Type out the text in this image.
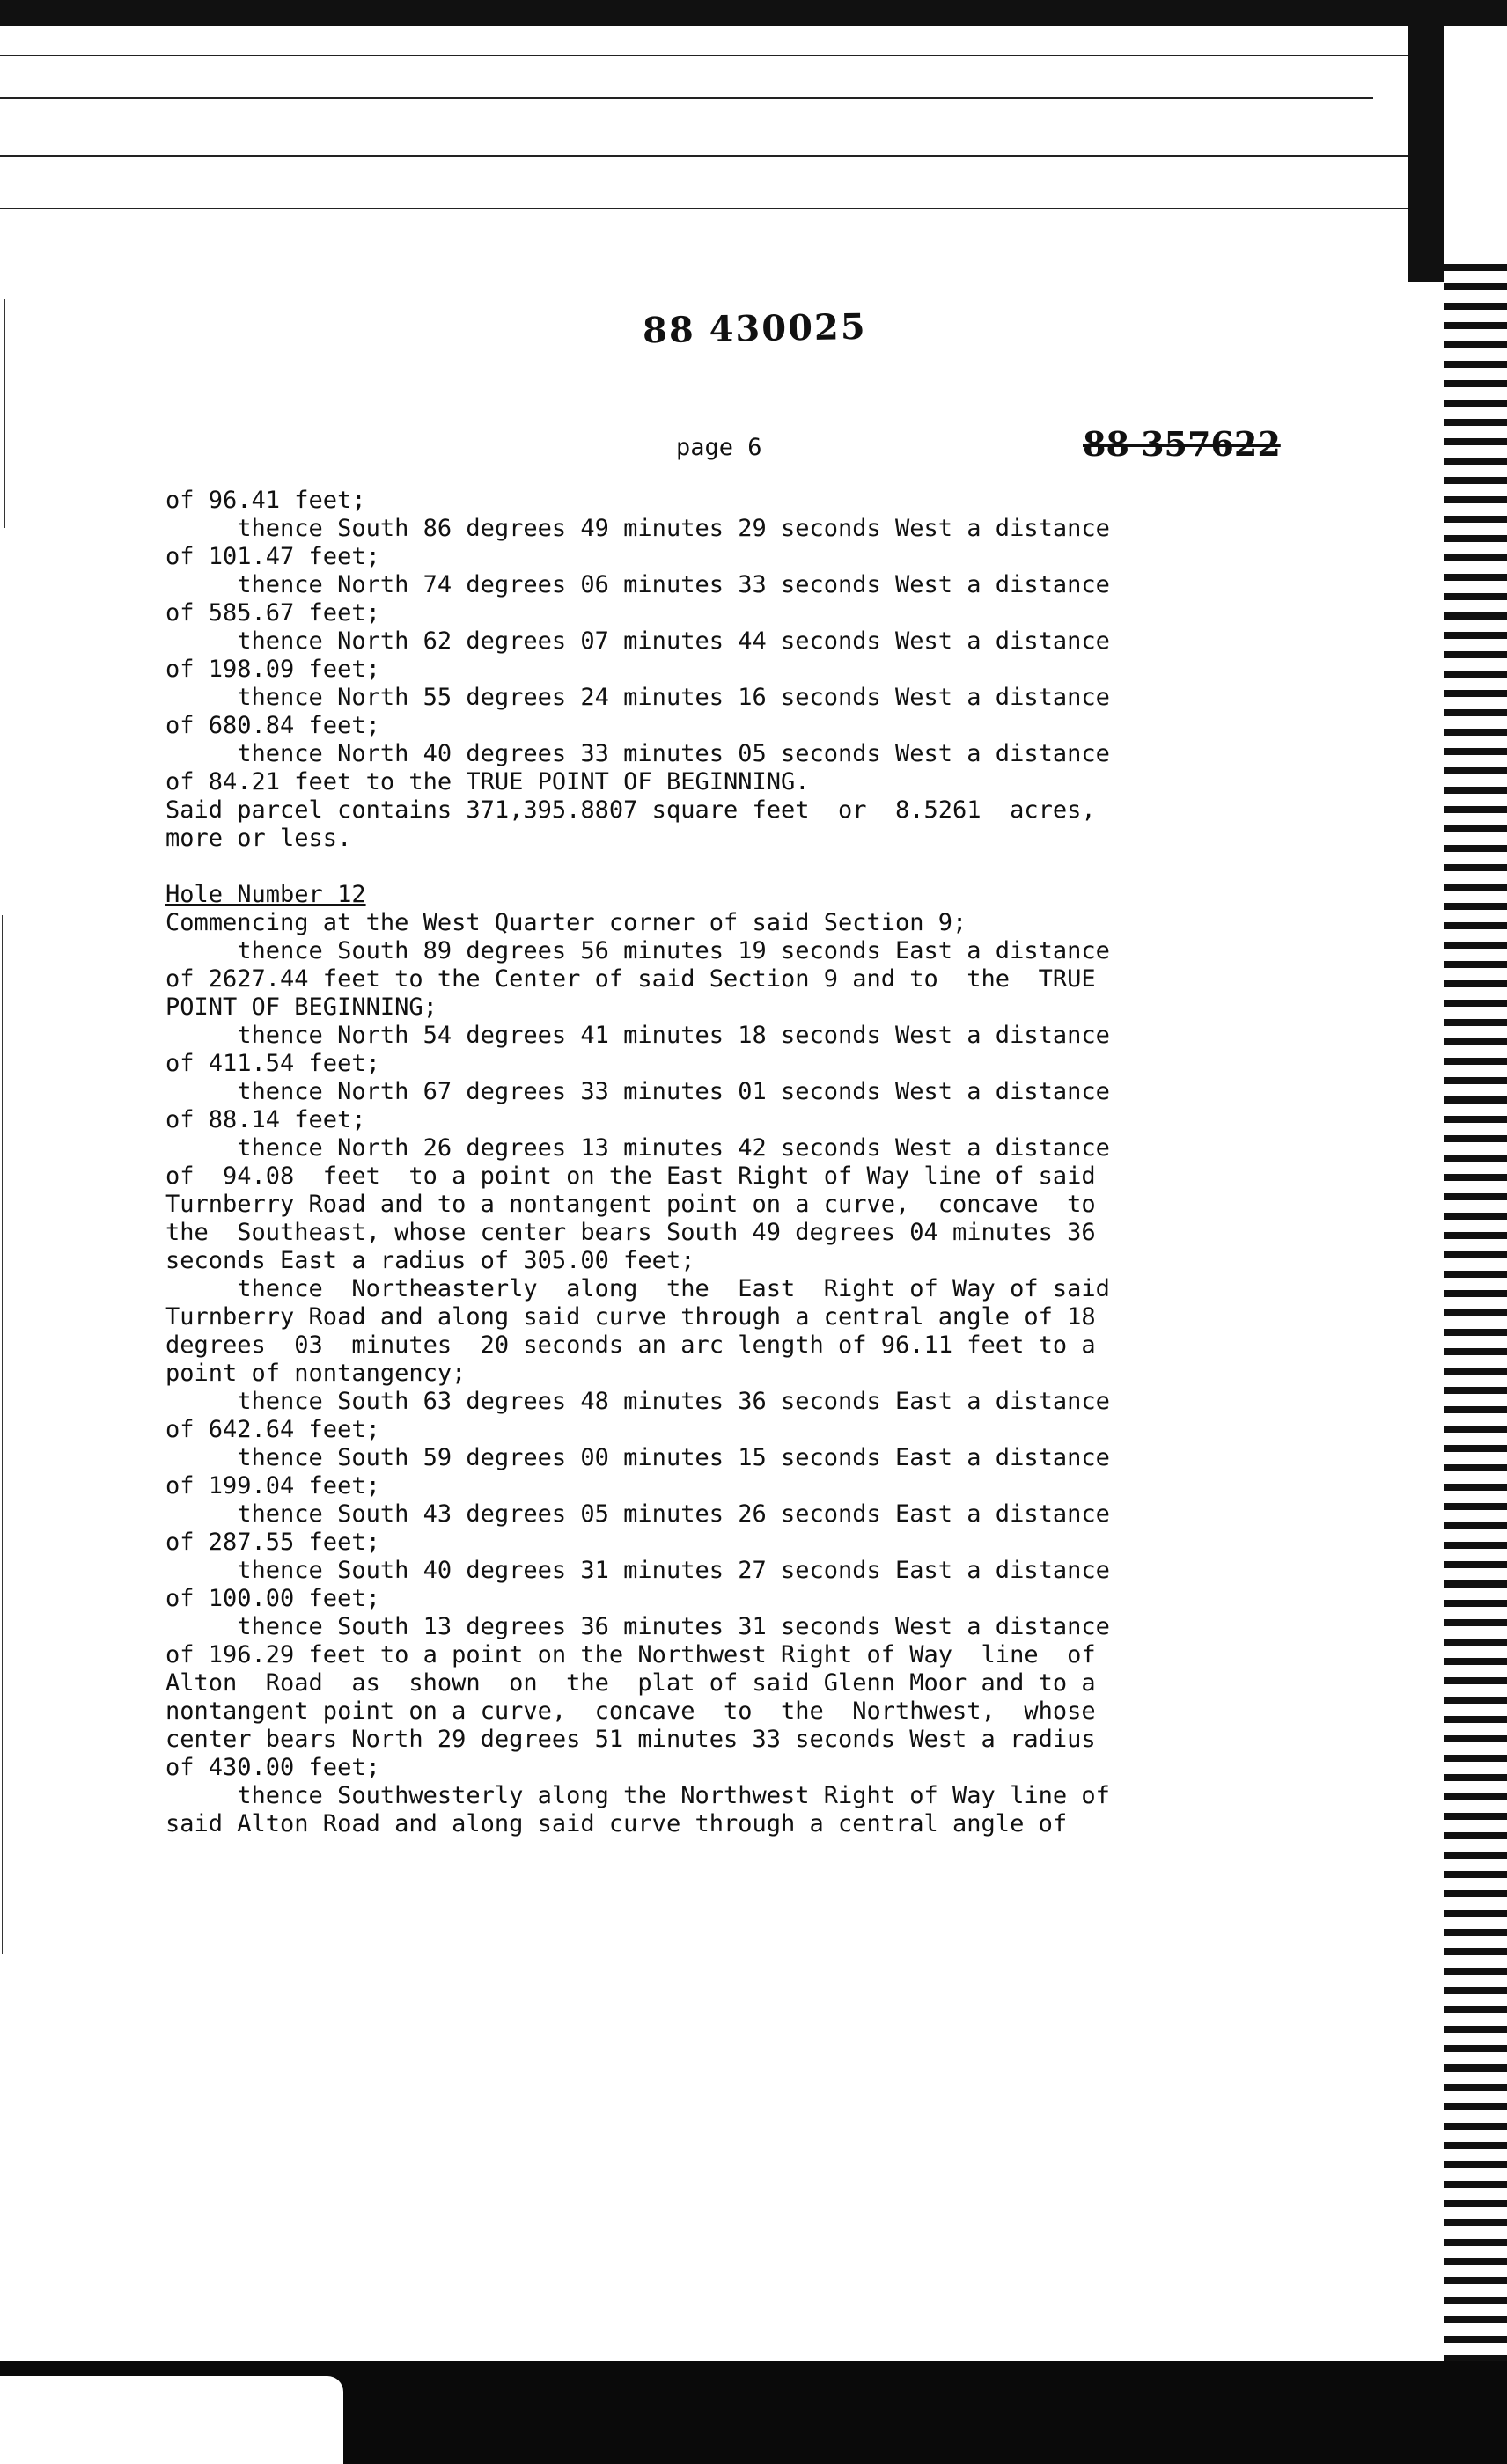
88 430025
page 6	88 357622
of 96.41 feet;
thence South 86 degrees 49 minutes 29 seconds West a distance
of 101.47 feet;
thence North 74 degrees 06 minutes 33 seconds West a distance
of 585.67 feet;
thence North 62 degrees 07 minutes 44 seconds West a distance
of 198.09 feet;
thence North 55 degrees 24 minutes 16 seconds West a distance
of 680.84 feet;
thence North 40 degrees 33 minutes 05 seconds West a distance
of 84.21 feet to the TRUE POINT OF BEGINNING.
Said parcel contains 371,395.8807 square feet  or  8.5261  acres,
more or less.
Hole Number 12
Commencing at the West Quarter corner of said Section 9;
thence South 89 degrees 56 minutes 19 seconds East a distance
of 2627.44 feet to the Center of said Section 9 and to  the  TRUE
POINT OF BEGINNING;
thence North 54 degrees 41 minutes 18 seconds West a distance
of 411.54 feet;
thence North 67 degrees 33 minutes 01 seconds West a distance
of 88.14 feet;
thence North 26 degrees 13 minutes 42 seconds West a distance
of  94.08  feet  to a point on the East Right of Way line of said
Turnberry Road and to a nontangent point on a curve,  concave  to
the  Southeast, whose center bears South 49 degrees 04 minutes 36
seconds East a radius of 305.00 feet;
thence  Northeasterly  along  the  East  Right of Way of said
Turnberry Road and along said curve through a central angle of 18
degrees  03  minutes  20 seconds an arc length of 96.11 feet to a
point of nontangency;
thence South 63 degrees 48 minutes 36 seconds East a distance
of 642.64 feet;
thence South 59 degrees 00 minutes 15 seconds East a distance
of 199.04 feet;
thence South 43 degrees 05 minutes 26 seconds East a distance
of 287.55 feet;
thence South 40 degrees 31 minutes 27 seconds East a distance
of 100.00 feet;
thence South 13 degrees 36 minutes 31 seconds West a distance
of 196.29 feet to a point on the Northwest Right of Way  line  of
Alton  Road  as  shown  on  the  plat of said Glenn Moor and to a
nontangent point on a curve,  concave  to  the  Northwest,  whose
center bears North 29 degrees 51 minutes 33 seconds West a radius
of 430.00 feet;
thence Southwesterly along the Northwest Right of Way line of
said Alton Road and along said curve through a central angle of
